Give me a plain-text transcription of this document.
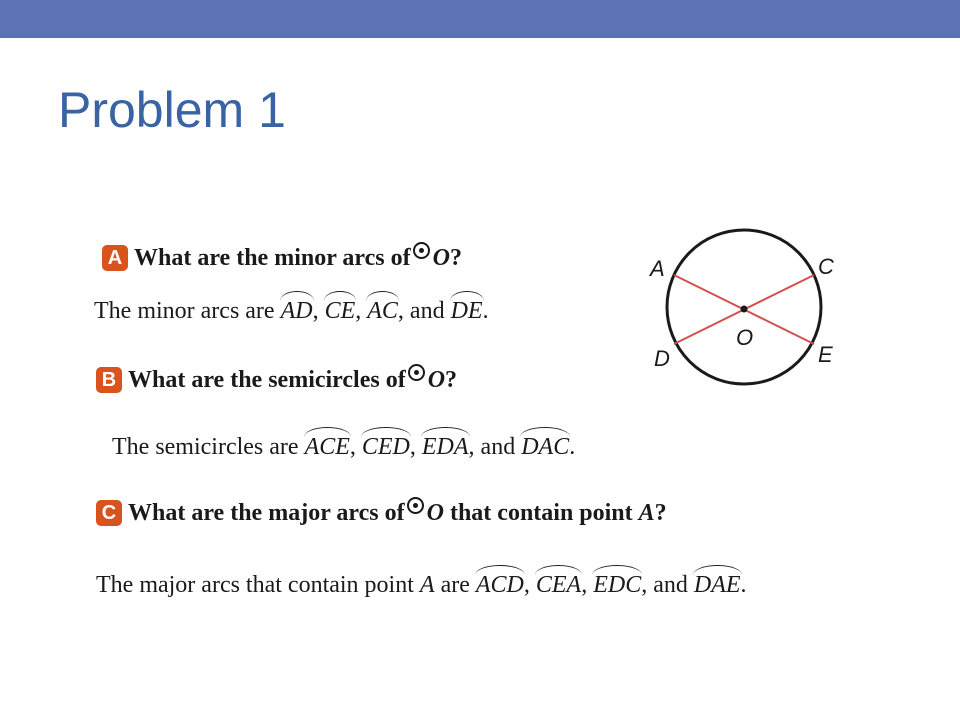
Problem 1
A What are the minor arcs of O?
The minor arcs are AD, CE, AC, and DE.
B What are the semicircles of O?
The semicircles are ACE, CED, EDA, and DAC.
C What are the major arcs of O that contain point A?
The major arcs that contain point A are ACD, CEA, EDC, and DAE.
A	C
D	E
O
